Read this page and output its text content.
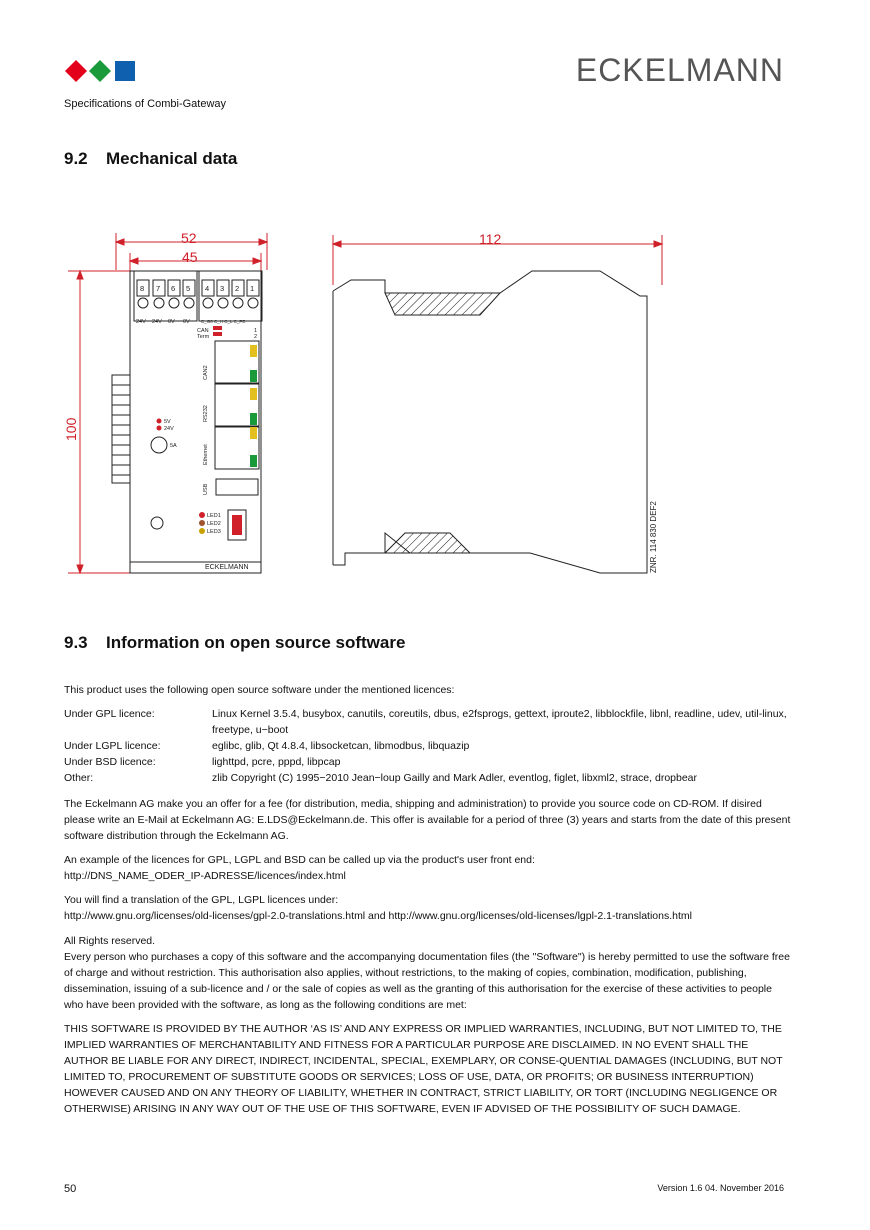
ECKELMANN
Specifications of Combi-Gateway
9.2 Mechanical data
52
45
100
112
8 7 6 5 4 3 2 1
24V 24V 0V 0V	C_G0 C_H C_L C_PE
CAN
Term
1
2
CAN2
RS232
Ethernet
USB
5V
24V
5A
LED1
LED2
LED3
ECKELMANN	ZNR. 114 830 DEF2
9.3 Information on open source software
This product uses the following open source software under the mentioned licences:
Under GPL licence:	Linux Kernel 3.5.4, busybox, canutils, coreutils, dbus, e2fsprogs, gettext, iproute2, libblockfile, libnl, readline, udev, util-linux, freetype, u−boot
Under LGPL licence:	eglibc, glib, Qt 4.8.4, libsocketcan, libmodbus, libquazip
Under BSD licence:	lighttpd, pcre, pppd, libpcap
Other:	zlib Copyright (C) 1995−2010 Jean−loup Gailly and Mark Adler, eventlog, figlet, libxml2, strace, dropbear
The Eckelmann AG make you an offer for a fee (for distribution, media, shipping and administration) to provide you source code on CD-ROM. If disired please write an E-Mail at Eckelmann AG: E.LDS@Eckelmann.de. This offer is available for a period of three (3) years and starts from the date of this present software distribution through the Eckelmann AG.
An example of the licences for GPL, LGPL and BSD can be called up via the product's user front end:
http://DNS_NAME_ODER_IP-ADRESSE/licences/index.html
You will find a translation of the GPL, LGPL licences under:
http://www.gnu.org/licenses/old-licenses/gpl-2.0-translations.html and http://www.gnu.org/licenses/old-licenses/lgpl-2.1-translations.html
All Rights reserved.
Every person who purchases a copy of this software and the accompanying documentation files (the "Software") is hereby permitted to use the software free of charge and without restriction. This authorisation also applies, without restrictions, to the making of copies, combination, modification, publishing, dissemination, issuing of a sub-licence and / or the sale of copies as well as the granting of this authorisation for the exercise of these activities to people who have been provided with the software, as long as the following conditions are met:
THIS SOFTWARE IS PROVIDED BY THE AUTHOR ‘AS IS’ AND ANY EXPRESS OR IMPLIED WARRANTIES, INCLUDING, BUT NOT LIMITED TO, THE IMPLIED WARRANTIES OF MERCHANTABILITY AND FITNESS FOR A PARTICULAR PURPOSE ARE DISCLAIMED. IN NO EVENT SHALL THE AUTHOR BE LIABLE FOR ANY DIRECT, INDIRECT, INCIDENTAL, SPECIAL, EXEMPLARY, OR CONSE-QUENTIAL DAMAGES (INCLUDING, BUT NOT LIMITED TO, PROCUREMENT OF SUBSTITUTE GOODS OR SERVICES; LOSS OF USE, DATA, OR PROFITS; OR BUSINESS INTERRUPTION) HOWEVER CAUSED AND ON ANY THEORY OF LIABILITY, WHETHER IN CONTRACT, STRICT LIABILITY, OR TORT (INCLUDING NEGLIGENCE OR OTHERWISE) ARISING IN ANY WAY OUT OF THE USE OF THIS SOFTWARE, EVEN IF ADVISED OF THE POSSIBILITY OF SUCH DAMAGE.
50	Version 1.6 04. November 2016
